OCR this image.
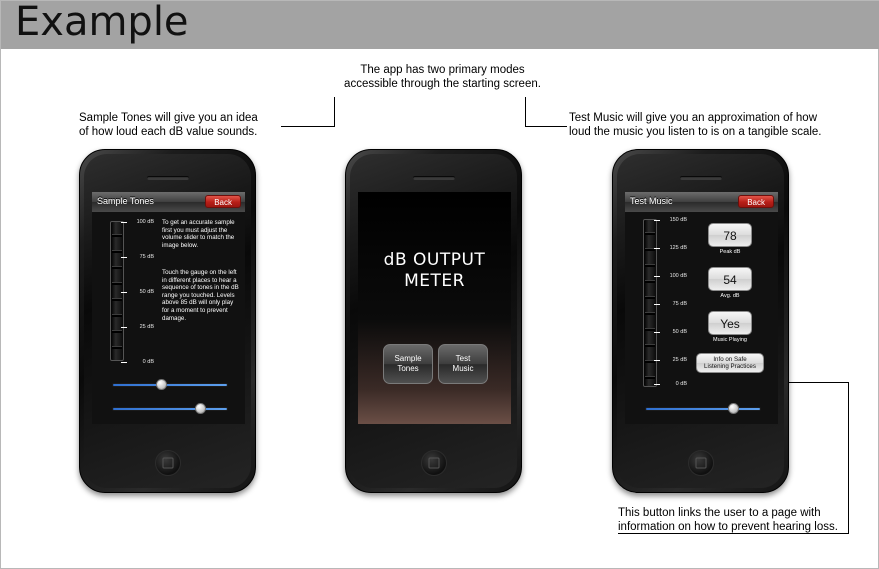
Example
The app has two primary modes accessible through the starting screen.
Sample Tones will give you an idea of how loud each dB value sounds.
Test Music will give you an approximation of how loud the music you listen to is on a tangible scale.
This button links the user to a page with information on how to prevent hearing loss.
Sample Tones	Back
100 dB
75 dB
50 dB
25 dB
0 dB
To get an accurate sample first you must adjust the volume slider to match the image below.
Touch the gauge on the left in different places to hear a sequence of tones in the dB range you touched. Levels above 85 dB will only play for a moment to prevent damage.
dB OUTPUT
METER
Sample
Tones
Test
Music
Test Music	Back
150 dB
125 dB
100 dB
75 dB
50 dB
25 dB
0 dB
78
Peak dB
54
Avg. dB
Yes
Music Playing
Info on Safe
Listening Practices
